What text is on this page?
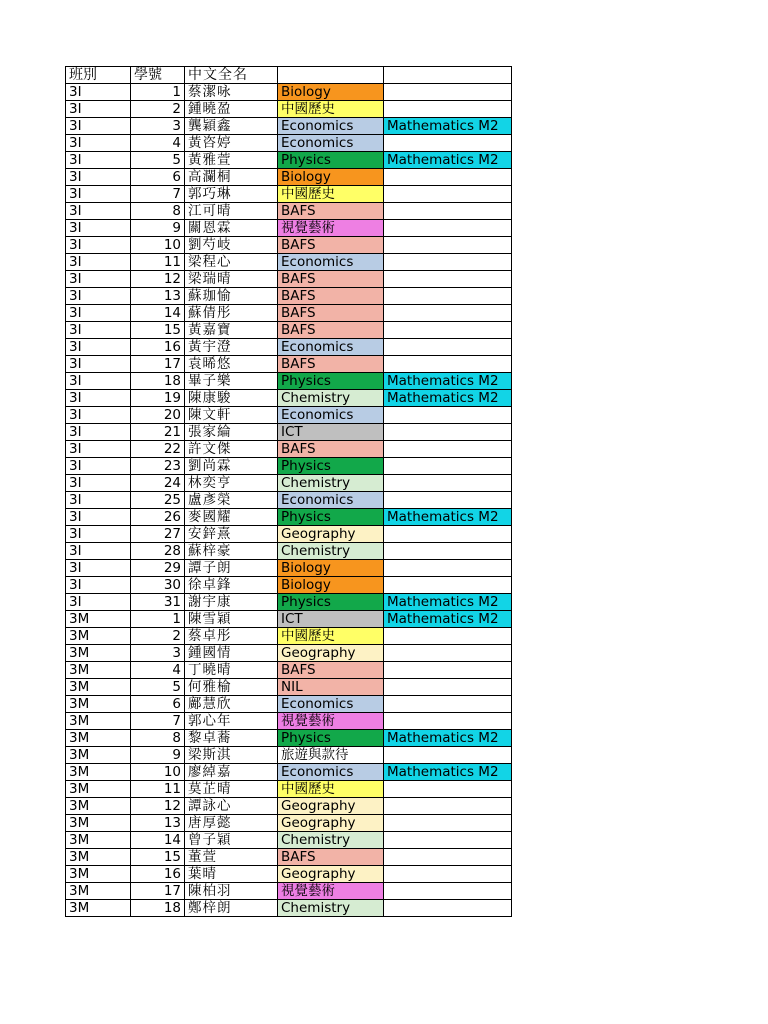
班別	學號	中文全名		
3I	1	蔡潔咏	Biology	
3I	2	鍾曉盈	中國歷史	
3I	3	龔穎鑫	Economics	Mathematics M2
3I	4	黃咨婷	Economics	
3I	5	黃雅萱	Physics	Mathematics M2
3I	6	高瀾桐	Biology	
3I	7	郭巧琳	中國歷史	
3I	8	江可晴	BAFS	
3I	9	關恩霖	視覺藝術	
3I	10	劉芍岐	BAFS	
3I	11	梁程心	Economics	
3I	12	梁瑞晴	BAFS	
3I	13	蘇珈愉	BAFS	
3I	14	蘇倩彤	BAFS	
3I	15	黃嘉寶	BAFS	
3I	16	黃宇澄	Economics	
3I	17	袁晞悠	BAFS	
3I	18	畢子樂	Physics	Mathematics M2
3I	19	陳康駿	Chemistry	Mathematics M2
3I	20	陳文軒	Economics	
3I	21	張家綸	ICT	
3I	22	許文傑	BAFS	
3I	23	劉尚霖	Physics	
3I	24	林奕亨	Chemistry	
3I	25	盧彥榮	Economics	
3I	26	麥國耀	Physics	Mathematics M2
3I	27	安鋅熹	Geography	
3I	28	蘇梓豪	Chemistry	
3I	29	譚子朗	Biology	
3I	30	徐卓鋒	Biology	
3I	31	謝宇康	Physics	Mathematics M2
3M	1	陳雪穎	ICT	Mathematics M2
3M	2	蔡卓彤	中國歷史	
3M	3	鍾國情	Geography	
3M	4	丁曉晴	BAFS	
3M	5	何雅榆	NIL	
3M	6	鄺慧欣	Economics	
3M	7	郭心年	視覺藝術	
3M	8	黎卓蕎	Physics	Mathematics M2
3M	9	梁斯淇	旅遊與款待	
3M	10	廖綽嘉	Economics	Mathematics M2
3M	11	莫芷晴	中國歷史	
3M	12	譚詠心	Geography	
3M	13	唐厚懿	Geography	
3M	14	曾子穎	Chemistry	
3M	15	董萱	BAFS	
3M	16	葉晴	Geography	
3M	17	陳柏羽	視覺藝術	
3M	18	鄭梓朗	Chemistry	
